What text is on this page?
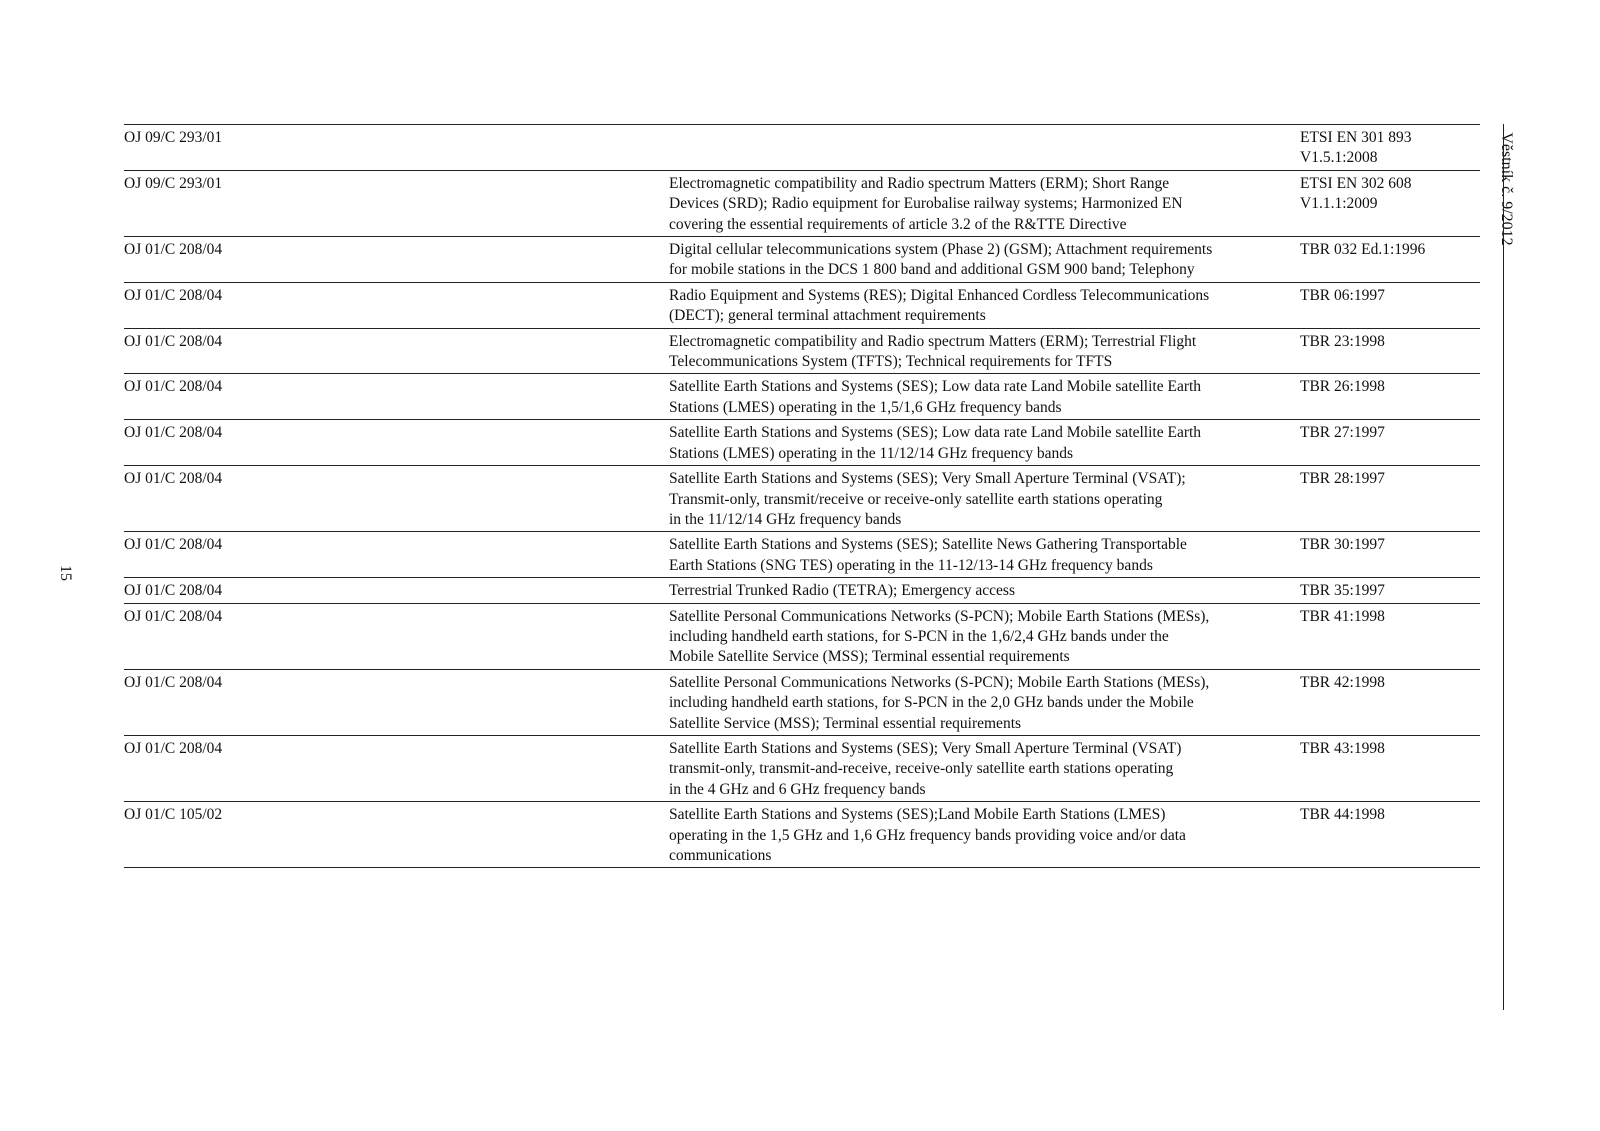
15
Věstník č. 9/2012
OJ 09/C 293/01		ETSI EN 301 893
V1.5.1:2008

OJ 09/C 293/01	Electromagnetic compatibility and Radio spectrum Matters (ERM); Short Range
Devices (SRD); Radio equipment for Eurobalise railway systems; Harmonized EN
covering the essential requirements of article 3.2 of the R&TTE Directive	ETSI EN 302 608
V1.1.1:2009

OJ 01/C 208/04	Digital cellular telecommunications system (Phase 2) (GSM); Attachment requirements
for mobile stations in the DCS 1 800 band and additional GSM 900 band; Telephony	TBR 032 Ed.1:1996

OJ 01/C 208/04	Radio Equipment and Systems (RES); Digital Enhanced Cordless Telecommunications
(DECT); general terminal attachment requirements	TBR 06:1997

OJ 01/C 208/04	Electromagnetic compatibility and Radio spectrum Matters (ERM); Terrestrial Flight
Telecommunications System (TFTS); Technical requirements for TFTS	TBR 23:1998

OJ 01/C 208/04	Satellite Earth Stations and Systems (SES); Low data rate Land Mobile satellite Earth
Stations (LMES) operating in the 1,5/1,6 GHz frequency bands	TBR 26:1998

OJ 01/C 208/04	Satellite Earth Stations and Systems (SES); Low data rate Land Mobile satellite Earth
Stations (LMES) operating in the 11/12/14 GHz frequency bands	TBR 27:1997

OJ 01/C 208/04	Satellite Earth Stations and Systems (SES); Very Small Aperture Terminal (VSAT);
Transmit-only, transmit/receive or receive-only satellite earth stations operating
in the 11/12/14 GHz frequency bands	TBR 28:1997

OJ 01/C 208/04	Satellite Earth Stations and Systems (SES); Satellite News Gathering Transportable
Earth Stations (SNG TES) operating in the 11-12/13-14 GHz frequency bands	TBR 30:1997

OJ 01/C 208/04	Terrestrial Trunked Radio (TETRA); Emergency access	TBR 35:1997

OJ 01/C 208/04	Satellite Personal Communications Networks (S-PCN); Mobile Earth Stations (MESs),
including handheld earth stations, for S-PCN in the 1,6/2,4 GHz bands under the
Mobile Satellite Service (MSS); Terminal essential requirements	TBR 41:1998

OJ 01/C 208/04	Satellite Personal Communications Networks (S-PCN); Mobile Earth Stations (MESs),
including handheld earth stations, for S-PCN in the 2,0 GHz bands under the Mobile
Satellite Service (MSS); Terminal essential requirements	TBR 42:1998

OJ 01/C 208/04	Satellite Earth Stations and Systems (SES); Very Small Aperture Terminal (VSAT)
transmit-only, transmit-and-receive, receive-only satellite earth stations operating
in the 4 GHz and 6 GHz frequency bands	TBR 43:1998

OJ 01/C 105/02	Satellite Earth Stations and Systems (SES);Land Mobile Earth Stations (LMES)
operating in the 1,5 GHz and 1,6 GHz frequency bands providing voice and/or data
communications	TBR 44:1998
